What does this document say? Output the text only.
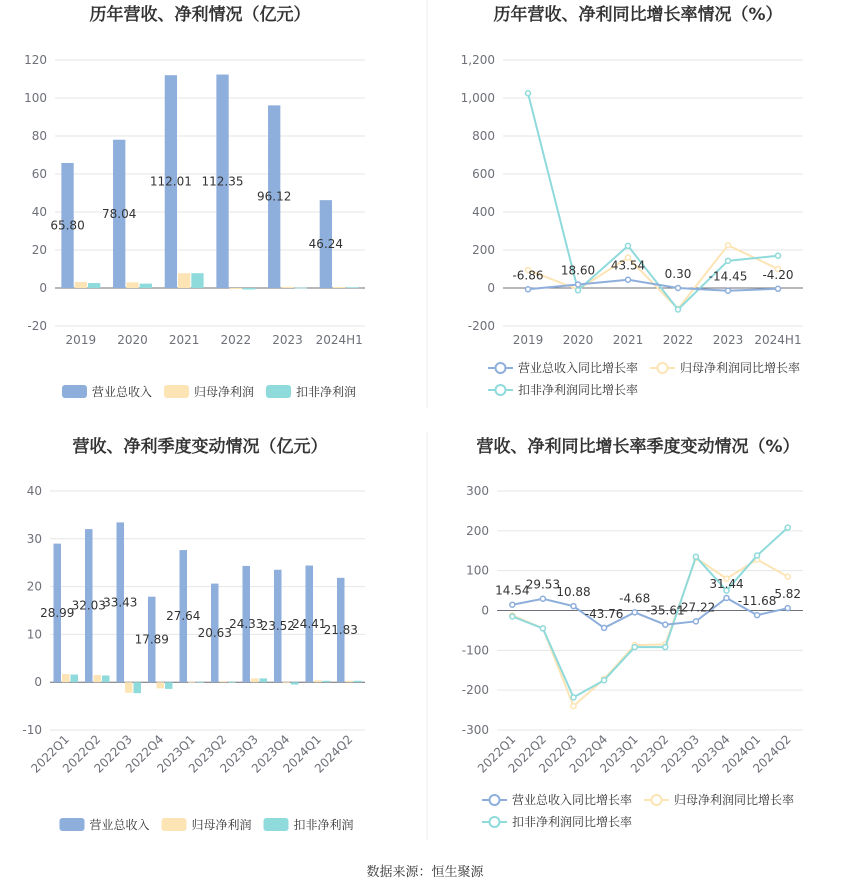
历年营收、净利情况（亿元）
-20
0
20
40
60
80
100
120
2019 2020 2021 2022 2023 2024H1
65.80
78.04
112.01 112.35
96.12
46.24
营业总收入	归母净利润	扣非净利润
历年营收、净利同比增长率情况（%）
-200
0
200
400
600
800
1,000
1,200
2019 2020 2021 2022 2023 2024H1
-6.86 18.60 43.54
0.30 -14.45 -4.20
营业总收入同比增长率	归母净利润同比增长率
扣非净利润同比增长率
营收、净利季度变动情况（亿元）
-10
0
10
20
30
40
2022Q1
2022Q2
2022Q3
2022Q4
2023Q1
2023Q2
2023Q3
2023Q4
2024Q1
2024Q2
28.99
32.03
33.43
17.89
27.64
20.63
24.33
23.52
24.41
21.83
营业总收入	归母净利润	扣非净利润
营收、净利同比增长率季度变动情况（%）
-300
-200
-100
0
100
200
300
2022Q1
2022Q2
2022Q3
2022Q4
2023Q1
2023Q2
2023Q3
2023Q4
2024Q1
2024Q2
14.54
29.53
10.88
-43.76
-4.68
-35.61
-27.22
31.44
-11.68
5.82
营业总收入同比增长率	归母净利润同比增长率
扣非净利润同比增长率
数据来源：恒生聚源
